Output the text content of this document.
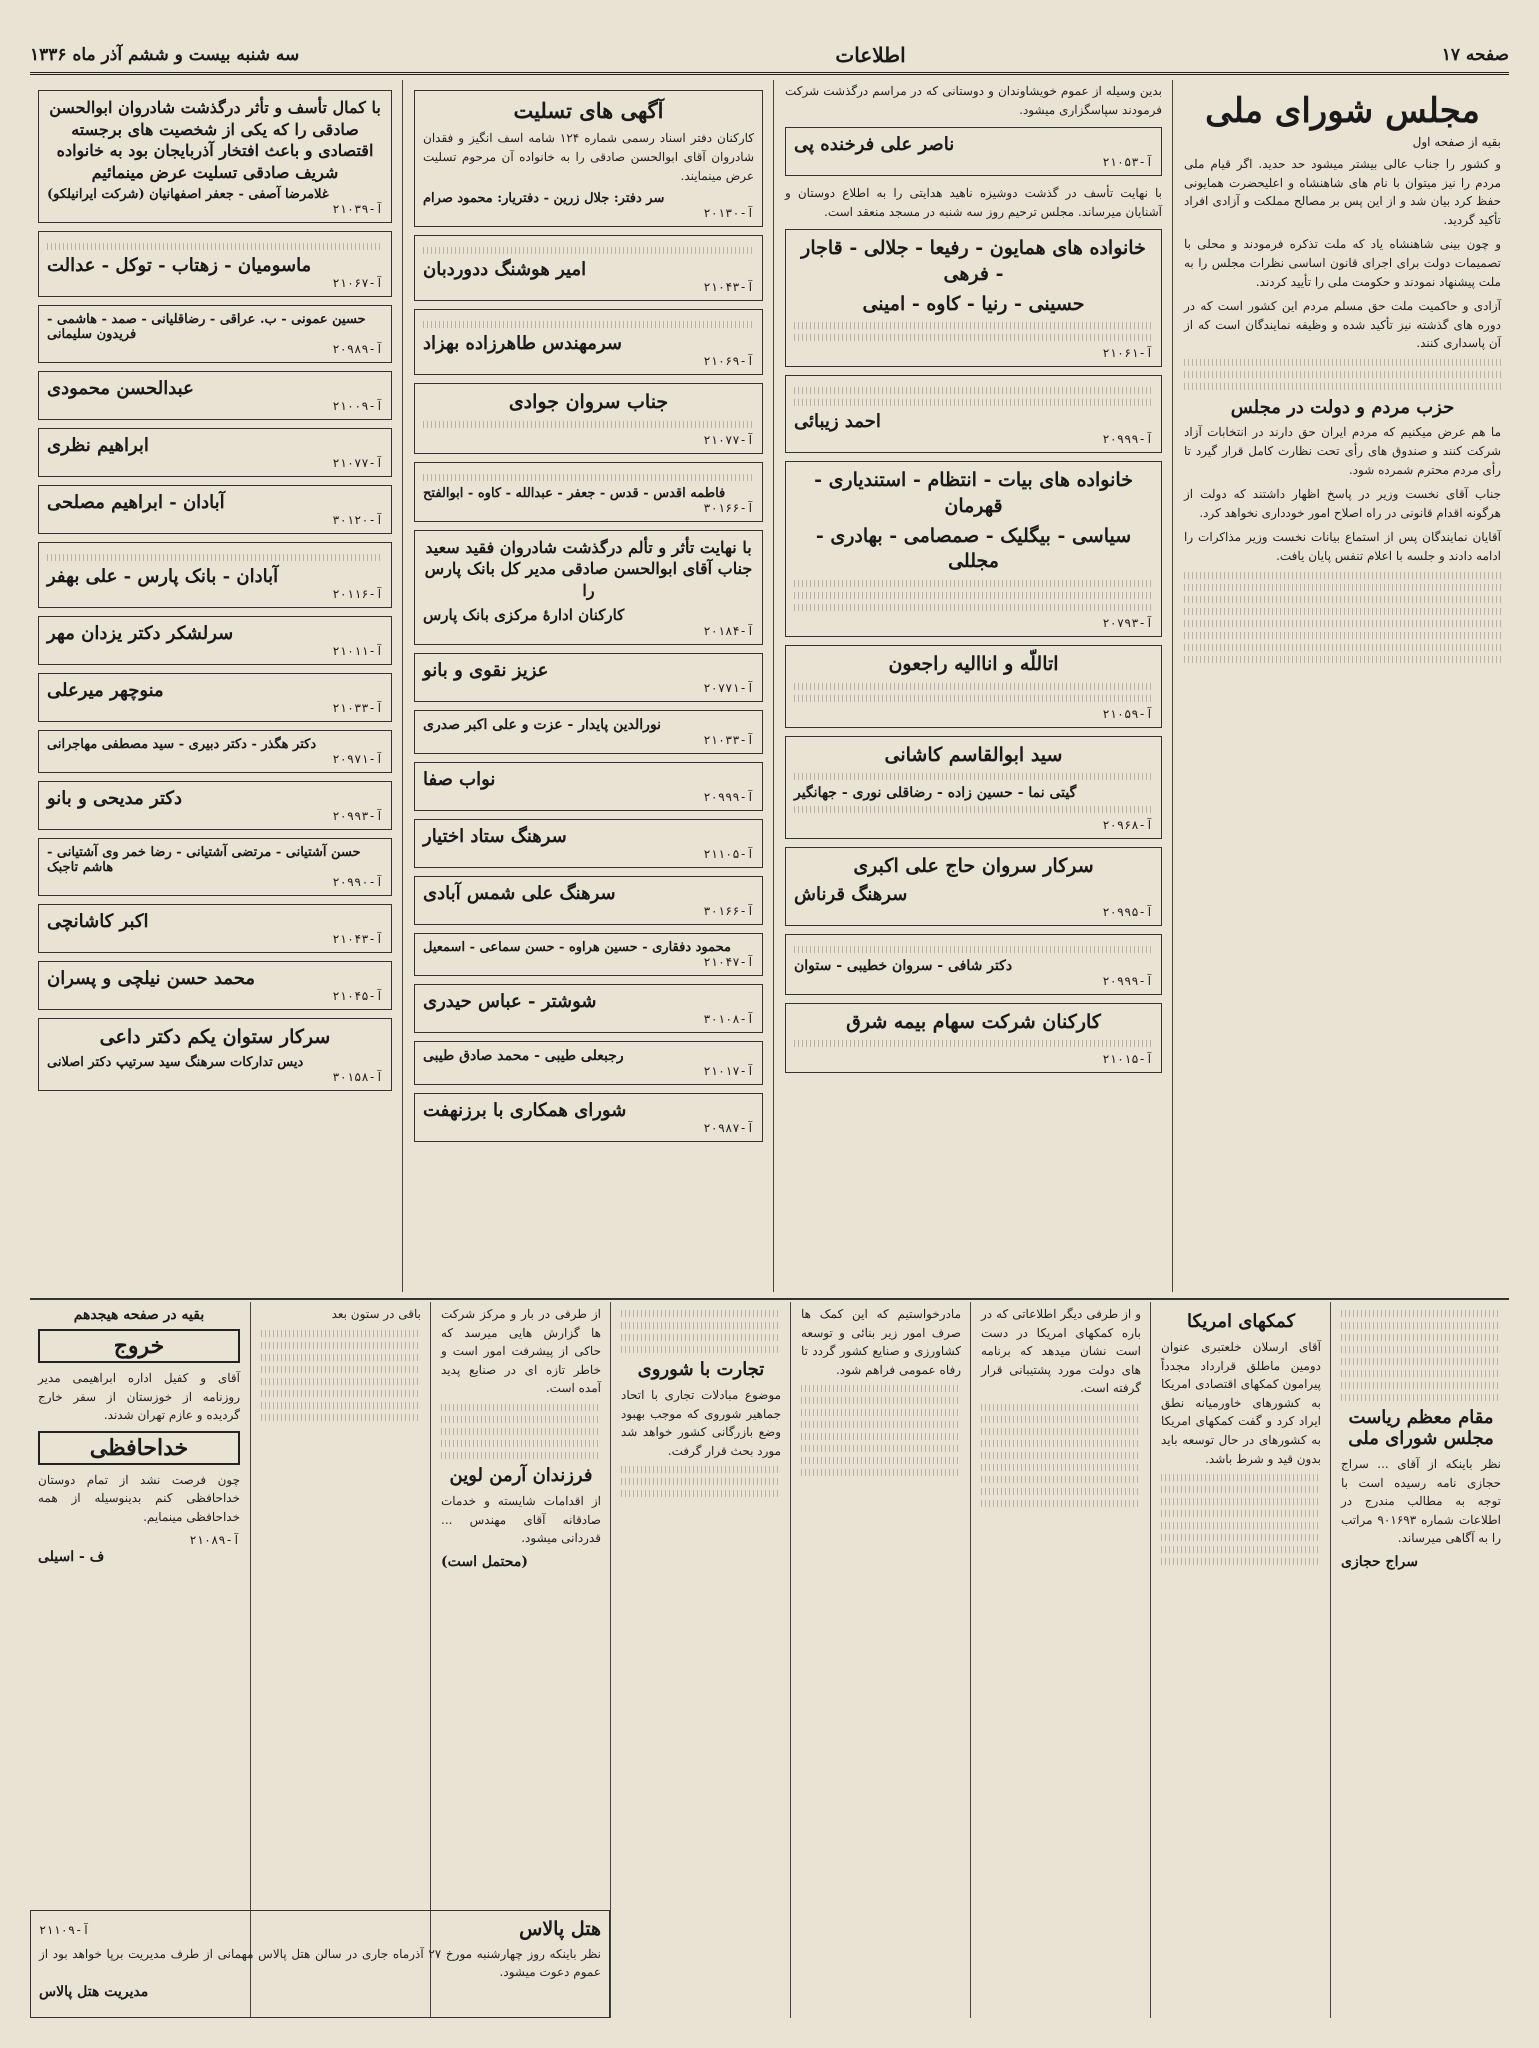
صفحه ۱۷
اطلاعات
سه شنبه بیست و ششم آذر ماه ۱۳۳۶
مجلس شورای ملی
بقیه از صفحه اول

و کشور را جناب عالی بیشتر میشود حد حدید. اگر قیام ملی مردم را نیز میتوان با نام های شاهنشاه و اعلیحضرت همایونی حفظ کرد بیان شد و از این پس بر مصالح مملکت و آزادی افراد تأکید گردید.

و چون بینی شاهنشاه یاد که ملت تذکره فرمودند و محلی با تصمیمات دولت برای اجرای قانون اساسی نظرات مجلس را به ملت پیشنهاد نمودند و حکومت ملی را تأیید کردند.

آزادی و حاکمیت ملت حق مسلم مردم این کشور است که در دوره های گذشته نیز تأکید شده و وظیفه نمایندگان است که از آن پاسداری کنند.

حزب مردم و دولت در مجلس

ما هم عرض میکنیم که مردم ایران حق دارند در انتخابات آزاد شرکت کنند و صندوق های رأی تحت نظارت کامل قرار گیرد تا رأی مردم محترم شمرده شود.

جناب آقای نخست وزیر در پاسخ اظهار داشتند که دولت از هرگونه اقدام قانونی در راه اصلاح امور خودداری نخواهد کرد.

آقایان نمایندگان پس از استماع بیانات نخست وزیر مذاکرات را ادامه دادند و جلسه با اعلام تنفس پایان یافت.

بدین وسیله از عموم خویشاوندان و دوستانی که در مراسم درگذشت شرکت فرمودند سپاسگزاری میشود.

ناصر علی فرخنده پی
آ-۲۱۰۵۳

با نهایت تأسف در گذشت دوشیزه ناهید هدایتی را به اطلاع دوستان و آشنایان میرساند. مجلس ترحیم روز سه شنبه در مسجد منعقد است.

خانواده های همایون - رفیعا - جلالی - قاجار - فرهی
حسینی - رنیا - کاوه - امینی
آ-۲۱۰۶۱
احمد زیبائی
آ-۲۰۹۹۹
خانواده های بیات - انتظام - استندیاری - قهرمان
سیاسی - بیگلیک - صمصامی - بهادری - مجللی
آ-۲۰۷۹۳
اتاللّه و اناالیه راجعون
آ-۲۱۰۵۹
سید ابوالقاسم کاشانی
گیتی نما - حسین زاده - رضاقلی نوری - جهانگیر
آ-۲۰۹۶۸
سرکار سروان حاج علی اکبری
سرهنگ قرناش
آ-۲۰۹۹۵
دکتر شافی - سروان خطیبی - ستوان
آ-۲۰۹۹۹
کارکنان شرکت سهام بیمه شرق
آ-۲۱۰۱۵
آگهی های تسلیت

کارکنان دفتر اسناد رسمی شماره ۱۲۴ شامه اسف انگیز و فقدان شادروان آقای ابوالحسن صادقی را به خانواده آن مرحوم تسلیت عرض مینمایند.

سر دفتر: جلال زرین - دفتریار: محمود صرام
آ-۲۰۱۳۰
امیر هوشنگ ددوردبان
آ-۲۱۰۴۳
سرمهندس طاهرزاده بهزاد
آ-۲۱۰۶۹
جناب سروان جوادی
آ-۲۱۰۷۷
فاطمه اقدس - قدس - جعفر - عبدالله - کاوه - ابوالفتح
آ-۳۰۱۶۶
با نهایت تأثر و تألم درگذشت شادروان فقید سعید جناب آقای ابوالحسن صادقی مدیر کل بانک پارس را
کارکنان ادارهٔ مرکزی بانک پارس
آ-۲۰۱۸۴
عزیز نقوی و بانو
آ-۲۰۷۷۱
نورالدین پایدار - عزت و علی اکبر صدری
آ-۲۱۰۳۳
نواب صفا
آ-۲۰۹۹۹
سرهنگ ستاد اختیار
آ-۲۱۱۰۵
سرهنگ علی شمس آبادی
آ-۳۰۱۶۶
محمود دفقاری - حسین هراوه - حسن سماعی - اسمعیل
آ-۲۱۰۴۷
شوشتر - عباس حیدری
آ-۳۰۱۰۸
رجبعلی طیبی - محمد صادق طیبی
آ-۲۱۰۱۷
شورای همکاری با برزنهفت
آ-۲۰۹۸۷
با کمال تأسف و تأثر درگذشت شادروان ابوالحسن صادقی را که یکی از شخصیت های برجسته اقتصادی و باعث افتخار آذربایجان بود به خانواده شریف صادقی تسلیت عرض مینمائیم
غلامرضا آصفی - جعفر اصفهانیان (شرکت ایرانیلکو)
آ-۲۱۰۳۹
ماسومیان - زهتاب - توکل - عدالت
آ-۲۱۰۶۷
حسین عمونی - ب. عراقی - رضاقلیانی - صمد - هاشمی - فریدون سلیمانی
آ-۲۰۹۸۹
عبدالحسن محمودی
آ-۲۱۰۰۹
ابراهیم نظری
آ-۲۱۰۷۷
آبادان - ابراهیم مصلحی
آ-۳۰۱۲۰
آبادان - بانک پارس - علی بهفر
آ-۲۰۱۱۶
سرلشکر دکتر یزدان مهر
آ-۲۱۰۱۱
منوچهر میرعلی
آ-۲۱۰۳۳
دکتر هگذر - دکتر دبیری - سید مصطفی مهاجرانی
آ-۲۰۹۷۱
دکتر مدیحی و بانو
آ-۲۰۹۹۳
حسن آشتیانی - مرتضی آشتیانی - رضا خمر وی آشتیانی - هاشم تاجبک
آ-۲۰۹۹۰
اکبر کاشانچی
آ-۲۱۰۴۳
محمد حسن نیلچی و پسران
آ-۲۱۰۴۵
سرکار ستوان یکم دکتر داعی
دیس تدارکات سرهنگ سید سرتیپ دکتر اصلانی
آ-۳۰۱۵۸
مقام معظم ریاست مجلس شورای ملی

نظر باینکه از آقای ... سراج حجازی نامه رسیده است با توجه به مطالب مندرج در اطلاعات شماره ۹۰۱۶۹۳ مراتب را به آگاهی میرساند.

سراج حجازی
کمکهای امریکا

آقای ارسلان خلعتبری عنوان دومین ماطلق قرارداد مجدداً پیرامون کمکهای اقتصادی امریکا به کشورهای خاورمیانه نطق ایراد کرد و گفت کمکهای امریکا به کشورهای در حال توسعه باید بدون قید و شرط باشد.

و از طرفی دیگر اطلاعاتی که در باره کمکهای امریکا در دست است نشان میدهد که برنامه های دولت مورد پشتیبانی قرار گرفته است.

مادرخواستیم که این کمک ها صرف امور زیر بنائی و توسعه کشاورزی و صنایع کشور گردد تا رفاه عمومی فراهم شود.

تجارت با شوروی

موضوع مبادلات تجاری با اتحاد جماهیر شوروی که موجب بهبود وضع بازرگانی کشور خواهد شد مورد بحث قرار گرفت.

از طرفی در بار و مرکز شرکت ها گزارش هایی میرسد که حاکی از پیشرفت امور است و خاطر تازه ای در صنایع پدید آمده است.

فرزندان آرمن لوین

از اقدامات شایسته و خدمات صادقانه آقای مهندس ... قدردانی میشود.

(محتمل است)

باقی در ستون بعد

بقیه در صفحه هیجدهم
خروج

آقای و کفیل اداره ابراهیمی مدیر روزنامه از خوزستان از سفر خارج گردیده و عازم تهران شدند.

خداحافظی

چون فرصت نشد از تمام دوستان خداحافظی کنم بدینوسیله از همه خداحافظی مینمایم.

آ-۲۱۰۸۹
ف - اسیلی
هتل پالاس
آ-۲۱۱۰۹

نظر باینکه روز چهارشنبه مورخ ۲۷ آذرماه جاری در سالن هتل پالاس مهمانی از طرف مدیریت برپا خواهد بود از عموم دعوت میشود.

مدیریت هتل پالاس
